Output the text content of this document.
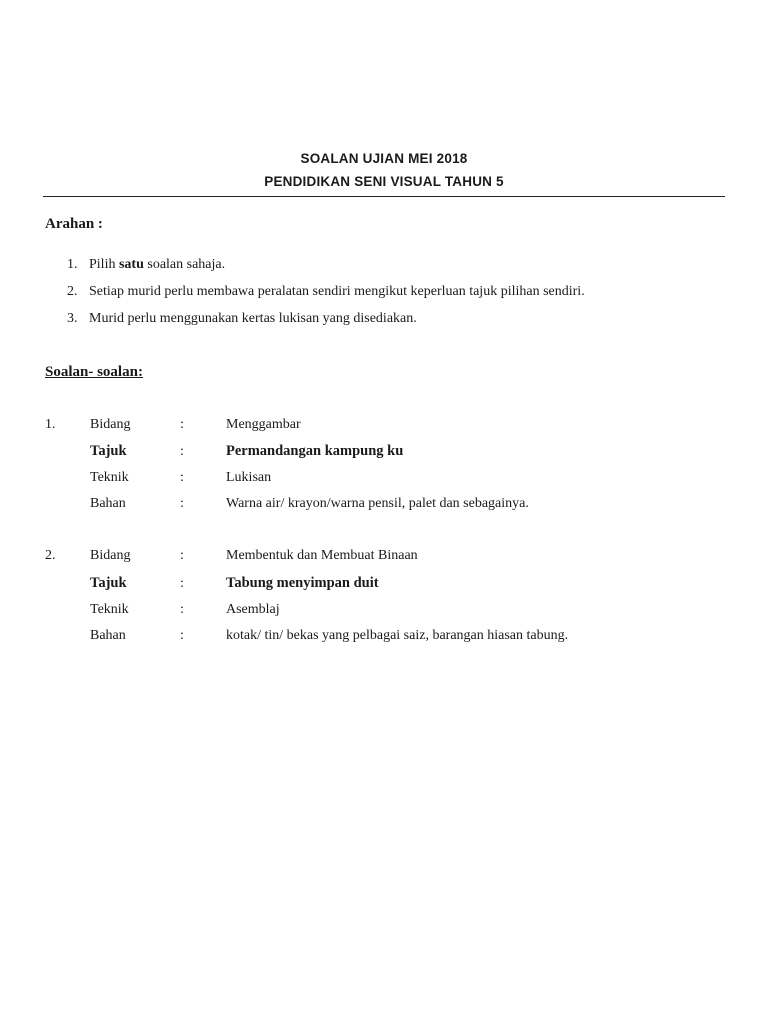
SOALAN UJIAN MEI 2018
PENDIDIKAN SENI VISUAL TAHUN 5
Arahan :
1. Pilih satu soalan sahaja.
2. Setiap murid perlu membawa peralatan sendiri mengikut keperluan tajuk pilihan sendiri.
3. Murid perlu menggunakan kertas lukisan yang disediakan.
Soalan- soalan:
1. Bidang	:	Menggambar
Tajuk	:	Permandangan kampung ku
Teknik	:	Lukisan
Bahan	:	Warna air/ krayon/warna pensil, palet dan sebagainya.
2. Bidang	:	Membentuk dan Membuat Binaan
Tajuk	:	Tabung menyimpan duit
Teknik	:	Asemblaj
Bahan	:	kotak/ tin/ bekas yang pelbagai saiz, barangan hiasan tabung.
